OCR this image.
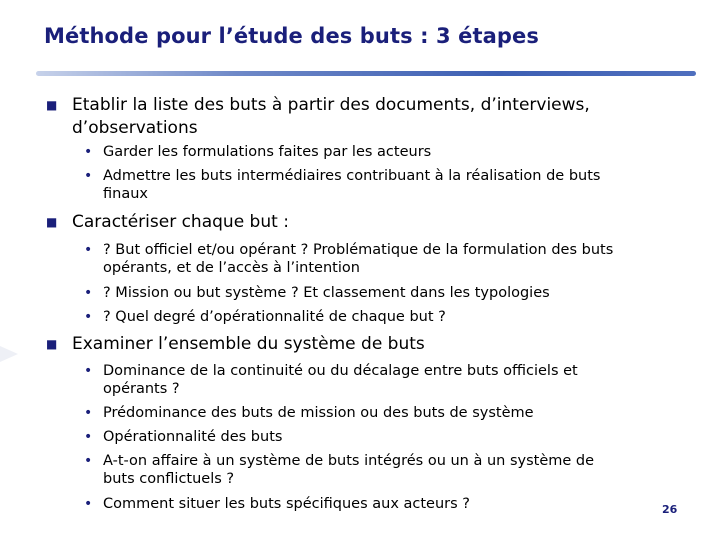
Méthode pour l’étude des buts : 3 étapes
■ Etablir la liste des buts à partir des documents, d’interviews,
d’observations
• Garder les formulations faites par les acteurs
• Admettre les buts intermédiaires contribuant à la réalisation de buts
finaux
■ Caractériser chaque but :
• ? But officiel et/ou opérant ? Problématique de la formulation des buts
opérants, et de l’accès à l’intention
• ? Mission ou but système ? Et classement dans les typologies
• ? Quel degré d’opérationnalité de chaque but ?
■ Examiner l’ensemble du système de buts
• Dominance de la continuité ou du décalage entre buts officiels et
opérants ?
• Prédominance des buts de mission ou des buts de système
• Opérationnalité des buts
• A-t-on affaire à un système de buts intégrés ou un à un système de
buts conflictuels ?
• Comment situer les buts spécifiques aux acteurs ?	26
